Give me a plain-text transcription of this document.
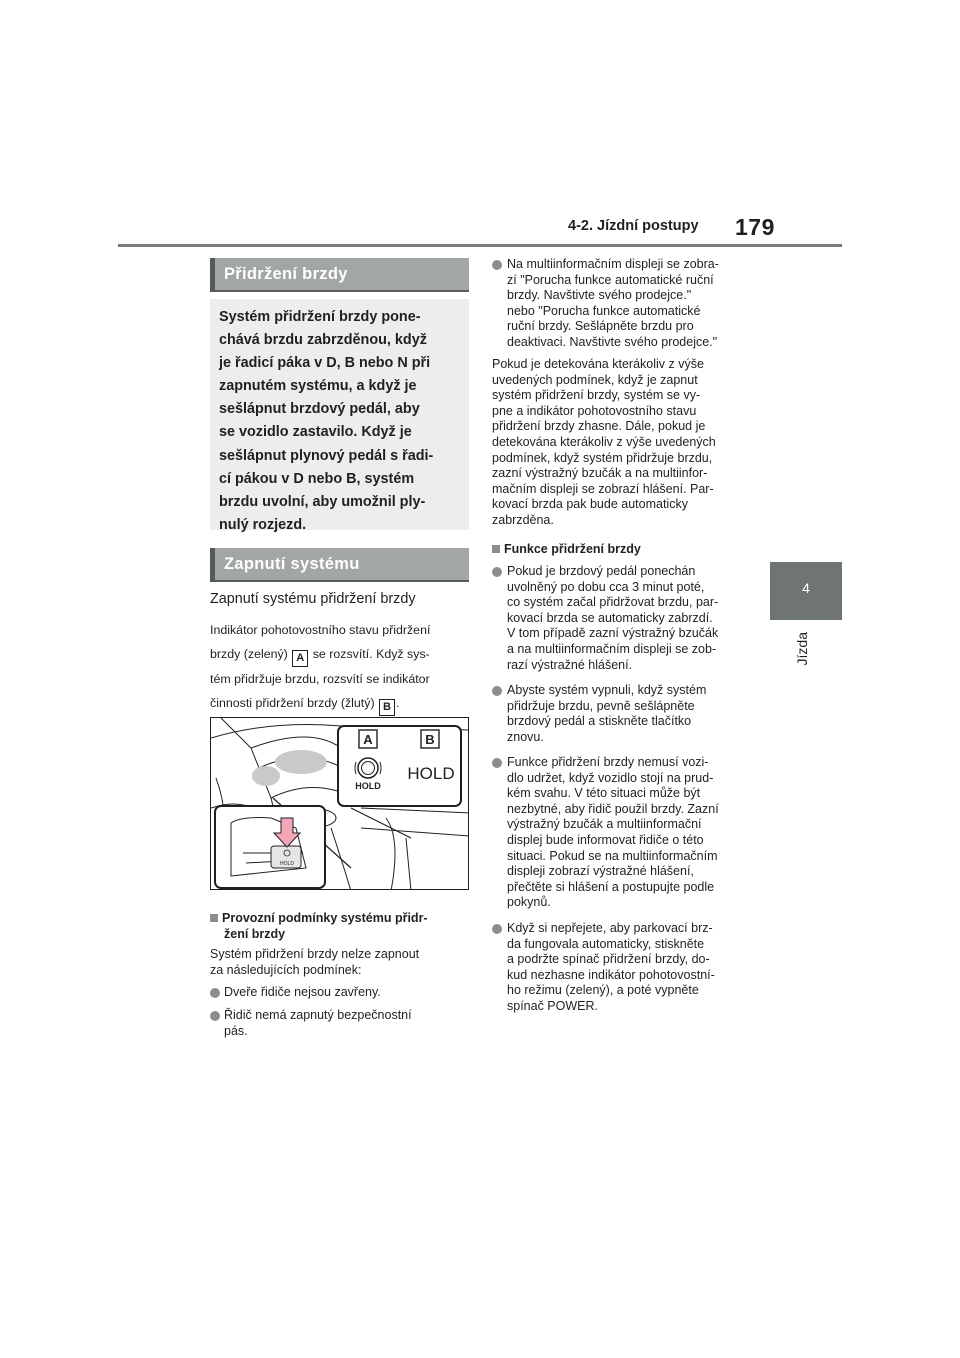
4-2. Jízdní postupy 179
4
Jízda
Přidržení brzdy
Systém přidržení brzdy pone-
chává brzdu zabrzděnou, když
je řadicí páka v D, B nebo N při
zapnutém systému, a když je
sešlápnut brzdový pedál, aby
se vozidlo zastavilo. Když je
sešlápnut plynový pedál s řadi-
cí pákou v D nebo B, systém
brzdu uvolní, aby umožnil ply-
nulý rozjezd.
Zapnutí systému
Zapnutí systému přidržení brzdy
Indikátor pohotovostního stavu přidržení
brzdy (zelený) A se rozsvítí. Když sys-
tém přidržuje brzdu, rozsvítí se indikátor
činnosti přidržení brzdy (žlutý) B .
A	B
HOLD
HOLD
HOLD
Provozní podmínky systému přidr-
žení brzdy
Systém přidržení brzdy nelze zapnout
za následujících podmínek:
Dveře řidiče nejsou zavřeny.
Řidič nemá zapnutý bezpečnostní
pás.
Na multiinformačním displeji se zobra-
zí "Porucha funkce automatické ruční
brzdy. Navštivte svého prodejce."
nebo "Porucha funkce automatické
ruční brzdy. Sešlápněte brzdu pro
deaktivaci. Navštivte svého prodejce."
Pokud je detekována kterákoliv z výše
uvedených podmínek, když je zapnut
systém přidržení brzdy, systém se vy-
pne a indikátor pohotovostního stavu
přidržení brzdy zhasne. Dále, pokud je
detekována kterákoliv z výše uvedených
podmínek, když systém přidržuje brzdu,
zazní výstražný bzučák a na multiinfor-
mačním displeji se zobrazí hlášení. Par-
kovací brzda pak bude automaticky
zabrzděna.
Funkce přidržení brzdy
Pokud je brzdový pedál ponechán
uvolněný po dobu cca 3 minut poté,
co systém začal přidržovat brzdu, par-
kovací brzda se automaticky zabrzdí.
V tom případě zazní výstražný bzučák
a na multiinformačním displeji se zob-
razí výstražné hlášení.
Abyste systém vypnuli, když systém
přidržuje brzdu, pevně sešlápněte
brzdový pedál a stiskněte tlačítko
znovu.
Funkce přidržení brzdy nemusí vozi-
dlo udržet, když vozidlo stojí na prud-
kém svahu. V této situaci může být
nezbytné, aby řidič použil brzdy. Zazní
výstražný bzučák a multiinformační
displej bude informovat řidiče o této
situaci. Pokud se na multiinformačním
displeji zobrazí výstražné hlášení,
přečtěte si hlášení a postupujte podle
pokynů.
Když si nepřejete, aby parkovací brz-
da fungovala automaticky, stiskněte
a podržte spínač přidržení brzdy, do-
kud nezhasne indikátor pohotovostní-
ho režimu (zelený), a poté vypněte
spínač POWER.
